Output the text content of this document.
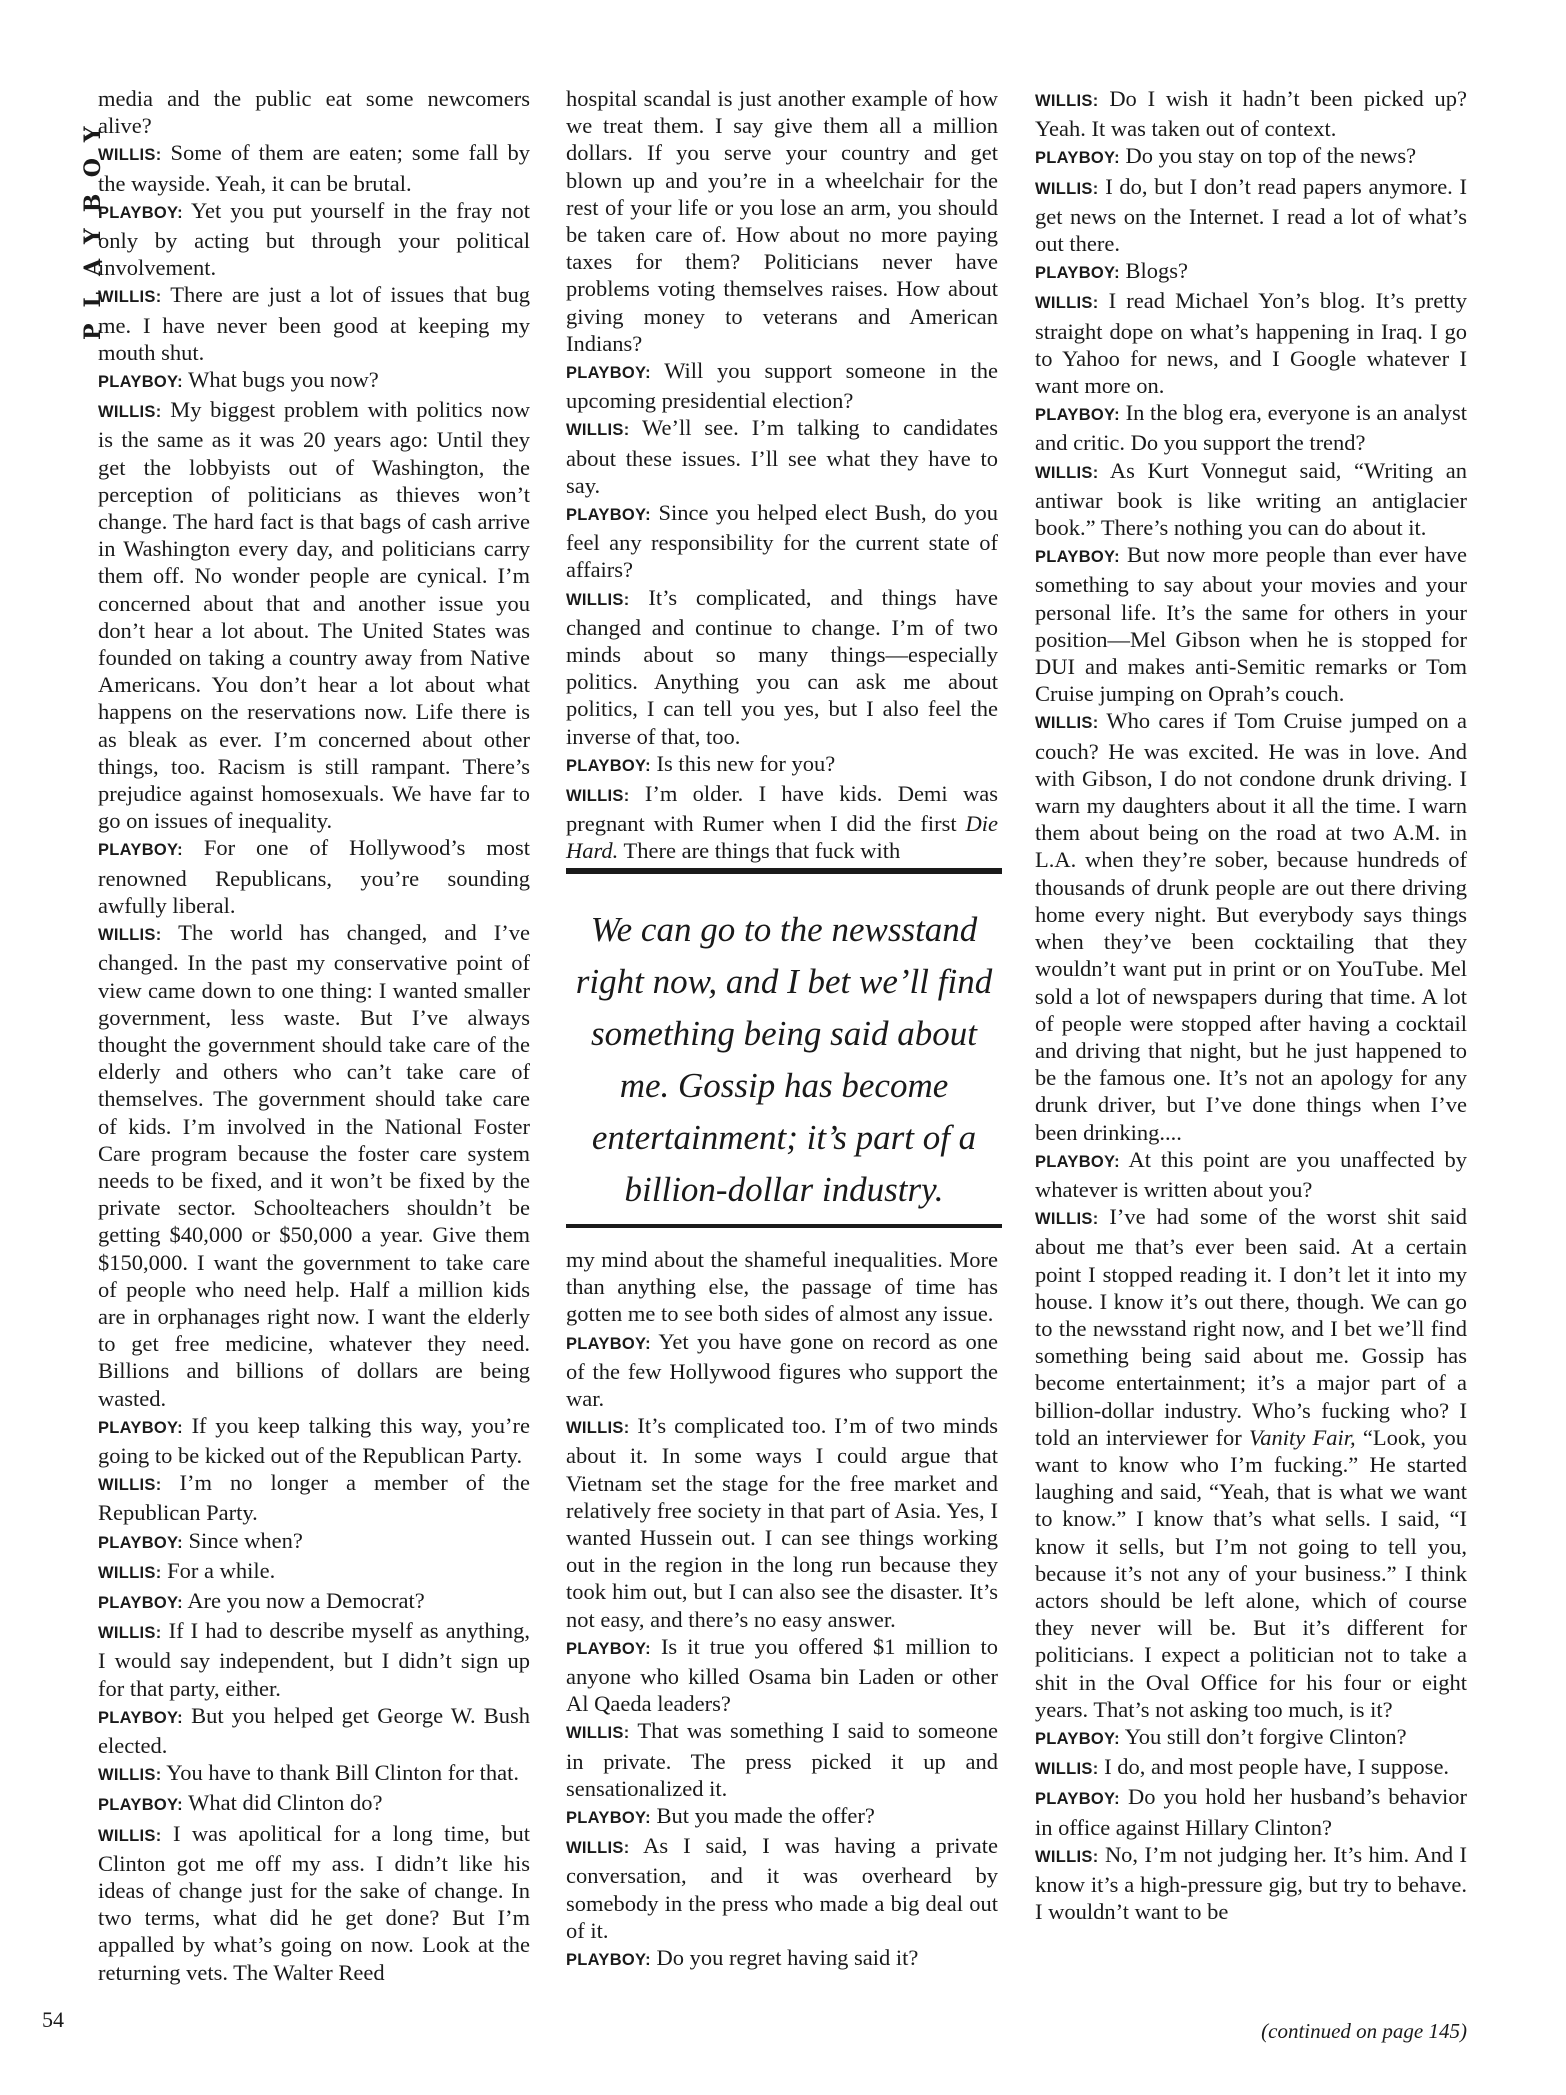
PLAYBOY

media and the public eat some newcomers alive?

WILLIS: Some of them are eaten; some fall by the wayside. Yeah, it can be brutal.

PLAYBOY: Yet you put yourself in the fray not only by acting but through your political involvement.

WILLIS: There are just a lot of issues that bug me. I have never been good at keeping my mouth shut.

PLAYBOY: What bugs you now?

WILLIS: My biggest problem with politics now is the same as it was 20 years ago: Until they get the lobbyists out of Washington, the perception of politicians as thieves won’t change. The hard fact is that bags of cash arrive in Washington every day, and politicians carry them off. No wonder people are cynical. I’m concerned about that and another issue you don’t hear a lot about. The United States was founded on taking a country away from Native Americans. You don’t hear a lot about what happens on the reservations now. Life there is as bleak as ever. I’m concerned about other things, too. Racism is still rampant. There’s prejudice against homosexuals. We have far to go on issues of inequality.

PLAYBOY: For one of Hollywood’s most renowned Republicans, you’re sounding awfully liberal.

WILLIS: The world has changed, and I’ve changed. In the past my conservative point of view came down to one thing: I wanted smaller government, less waste. But I’ve always thought the government should take care of the elderly and others who can’t take care of themselves. The government should take care of kids. I’m involved in the National Foster Care program because the foster care system needs to be fixed, and it won’t be fixed by the private sector. Schoolteachers shouldn’t be getting $40,000 or $50,000 a year. Give them $150,000. I want the government to take care of people who need help. Half a million kids are in orphanages right now. I want the elderly to get free medicine, whatever they need. Billions and billions of dollars are being wasted.

PLAYBOY: If you keep talking this way, you’re going to be kicked out of the Republican Party.

WILLIS: I’m no longer a member of the Republican Party.

PLAYBOY: Since when?

WILLIS: For a while.

PLAYBOY: Are you now a Democrat?

WILLIS: If I had to describe myself as anything, I would say independent, but I didn’t sign up for that party, either.

PLAYBOY: But you helped get George W. Bush elected.

WILLIS: You have to thank Bill Clinton for that.

PLAYBOY: What did Clinton do?

WILLIS: I was apolitical for a long time, but Clinton got me off my ass. I didn’t like his ideas of change just for the sake of change. In two terms, what did he get done? But I’m appalled by what’s going on now. Look at the returning vets. The Walter Reed

hospital scandal is just another example of how we treat them. I say give them all a million dollars. If you serve your country and get blown up and you’re in a wheelchair for the rest of your life or you lose an arm, you should be taken care of. How about no more paying taxes for them? Politicians never have problems voting themselves raises. How about giving money to veterans and American Indians?

PLAYBOY: Will you support someone in the upcoming presidential election?

WILLIS: We’ll see. I’m talking to candidates about these issues. I’ll see what they have to say.

PLAYBOY: Since you helped elect Bush, do you feel any responsibility for the current state of affairs?

WILLIS: It’s complicated, and things have changed and continue to change. I’m of two minds about so many things—especially politics. Anything you can ask me about politics, I can tell you yes, but I also feel the inverse of that, too.

PLAYBOY: Is this new for you?

WILLIS: I’m older. I have kids. Demi was pregnant with Rumer when I did the first Die Hard. There are things that fuck with

We can go to the newsstand right now, and I bet we’ll find something being said about me. Gossip has become entertainment; it’s part of a billion-dollar industry.

my mind about the shameful inequalities. More than anything else, the passage of time has gotten me to see both sides of almost any issue.

PLAYBOY: Yet you have gone on record as one of the few Hollywood figures who support the war.

WILLIS: It’s complicated too. I’m of two minds about it. In some ways I could argue that Vietnam set the stage for the free market and relatively free society in that part of Asia. Yes, I wanted Hussein out. I can see things working out in the region in the long run because they took him out, but I can also see the disaster. It’s not easy, and there’s no easy answer.

PLAYBOY: Is it true you offered $1 million to anyone who killed Osama bin Laden or other Al Qaeda leaders?

WILLIS: That was something I said to someone in private. The press picked it up and sensationalized it.

PLAYBOY: But you made the offer?

WILLIS: As I said, I was having a private conversation, and it was overheard by somebody in the press who made a big deal out of it.

PLAYBOY: Do you regret having said it?

WILLIS: Do I wish it hadn’t been picked up? Yeah. It was taken out of context.

PLAYBOY: Do you stay on top of the news?

WILLIS: I do, but I don’t read papers anymore. I get news on the Internet. I read a lot of what’s out there.

PLAYBOY: Blogs?

WILLIS: I read Michael Yon’s blog. It’s pretty straight dope on what’s happening in Iraq. I go to Yahoo for news, and I Google whatever I want more on.

PLAYBOY: In the blog era, everyone is an analyst and critic. Do you support the trend?

WILLIS: As Kurt Vonnegut said, “Writing an antiwar book is like writing an antiglacier book.” There’s nothing you can do about it.

PLAYBOY: But now more people than ever have something to say about your movies and your personal life. It’s the same for others in your position—Mel Gibson when he is stopped for DUI and makes anti-Semitic remarks or Tom Cruise jumping on Oprah’s couch.

WILLIS: Who cares if Tom Cruise jumped on a couch? He was excited. He was in love. And with Gibson, I do not condone drunk driving. I warn my daughters about it all the time. I warn them about being on the road at two A.M. in L.A. when they’re sober, because hundreds of thousands of drunk people are out there driving home every night. But everybody says things when they’ve been cocktailing that they wouldn’t want put in print or on YouTube. Mel sold a lot of newspapers during that time. A lot of people were stopped after having a cocktail and driving that night, but he just happened to be the famous one. It’s not an apology for any drunk driver, but I’ve done things when I’ve been drinking....

PLAYBOY: At this point are you unaffected by whatever is written about you?

WILLIS: I’ve had some of the worst shit said about me that’s ever been said. At a certain point I stopped reading it. I don’t let it into my house. I know it’s out there, though. We can go to the newsstand right now, and I bet we’ll find something being said about me. Gossip has become entertainment; it’s a major part of a billion-dollar industry. Who’s fucking who? I told an interviewer for Vanity Fair, “Look, you want to know who I’m fucking.” He started laughing and said, “Yeah, that is what we want to know.” I know that’s what sells. I said, “I know it sells, but I’m not going to tell you, because it’s not any of your business.” I think actors should be left alone, which of course they never will be. But it’s different for politicians. I expect a politician not to take a shit in the Oval Office for his four or eight years. That’s not asking too much, is it?

PLAYBOY: You still don’t forgive Clinton?

WILLIS: I do, and most people have, I suppose.

PLAYBOY: Do you hold her husband’s behavior in office against Hillary Clinton?

WILLIS: No, I’m not judging her. It’s him. And I know it’s a high-pressure gig, but try to behave. I wouldn’t want to be

(continued on page 145)
54
